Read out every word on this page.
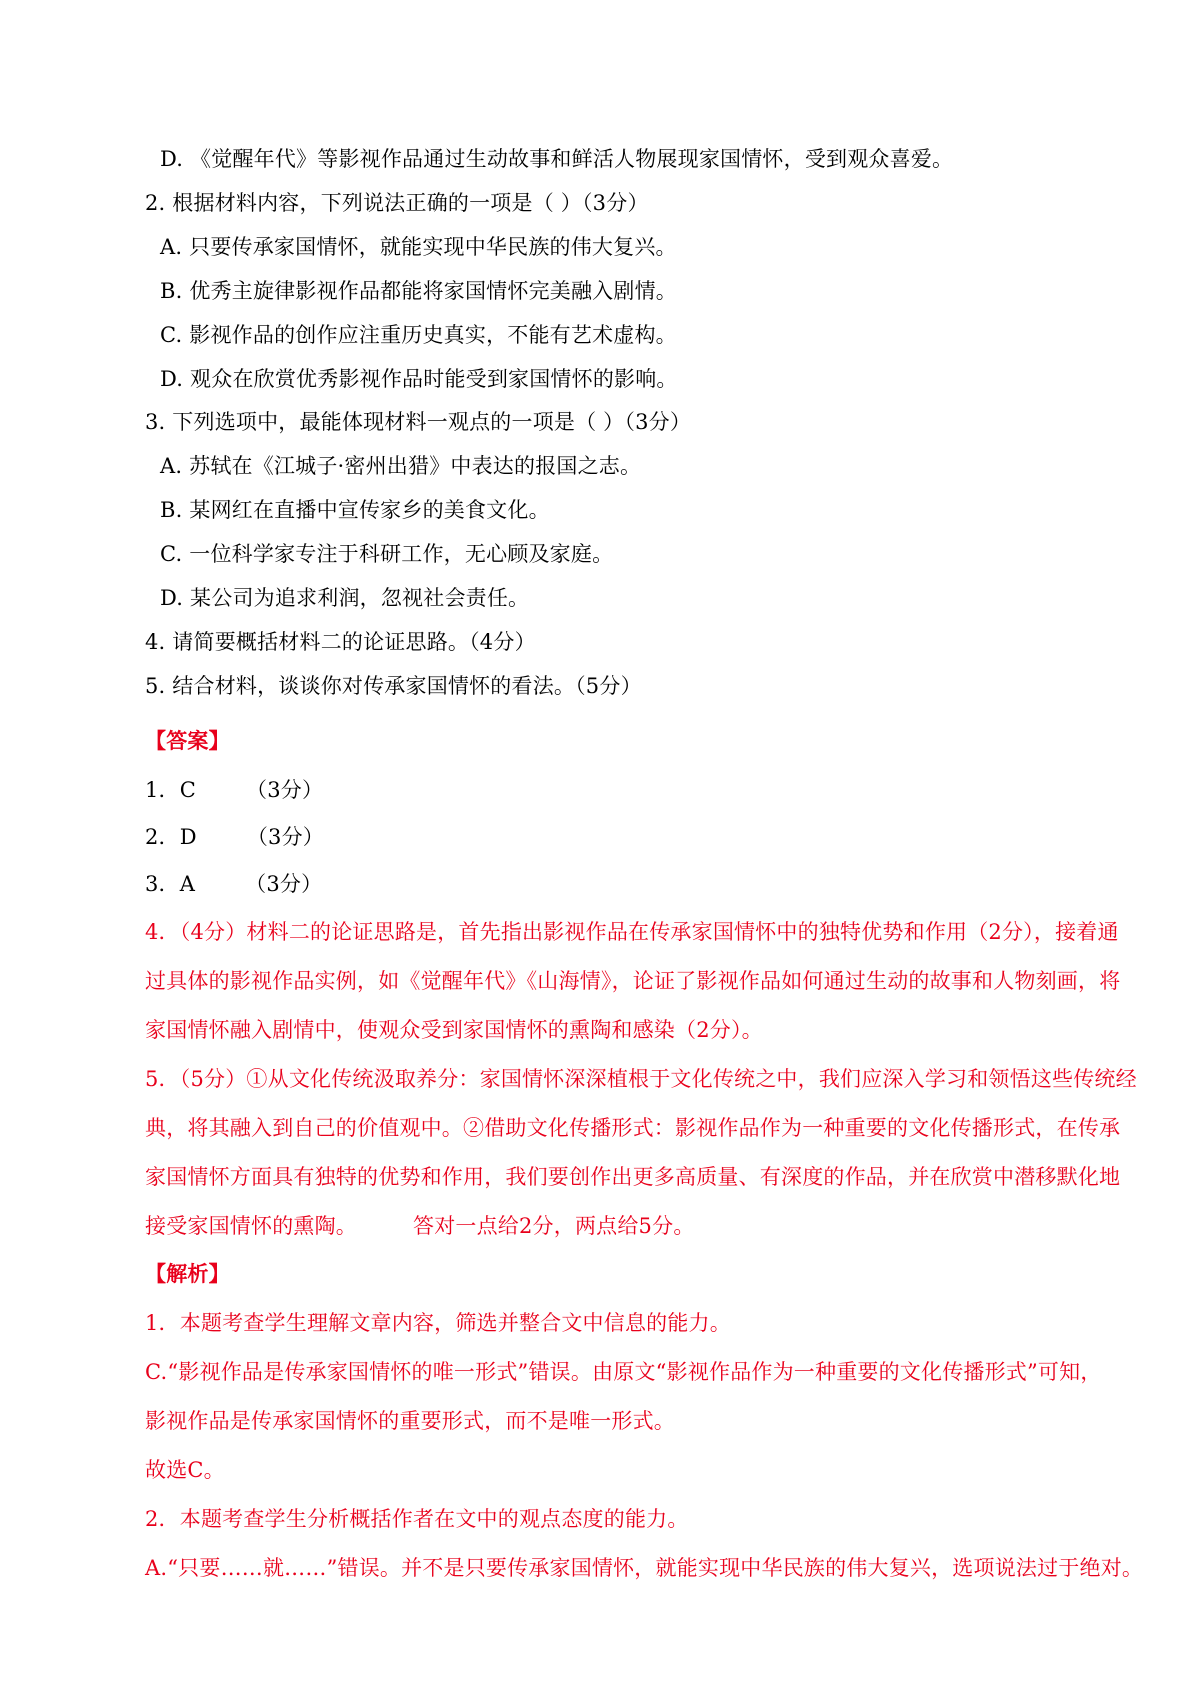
D. 《觉醒年代》等影视作品通过生动故事和鲜活人物展现家国情怀，受到观众喜爱。
2. 根据材料内容，下列说法正确的一项是（ ）（3分）
A. 只要传承家国情怀，就能实现中华民族的伟大复兴。
B. 优秀主旋律影视作品都能将家国情怀完美融入剧情。
C. 影视作品的创作应注重历史真实，不能有艺术虚构。
D. 观众在欣赏优秀影视作品时能受到家国情怀的影响。
3. 下列选项中，最能体现材料一观点的一项是（ ）（3分）
A. 苏轼在《江城子·密州出猎》中表达的报国之志。
B. 某网红在直播中宣传家乡的美食文化。
C. 一位科学家专注于科研工作，无心顾及家庭。
D. 某公司为追求利润，忽视社会责任。
4. 请简要概括材料二的论证思路。（4分）
5. 结合材料，谈谈你对传承家国情怀的看法。（5分）
【答案】
1．C （3分）
2．D （3分）
3．A （3分）
4．（4分）材料二的论证思路是，首先指出影视作品在传承家国情怀中的独特优势和作用（2分），接着通
过具体的影视作品实例，如《觉醒年代》《山海情》，论证了影视作品如何通过生动的故事和人物刻画，将
家国情怀融入剧情中，使观众受到家国情怀的熏陶和感染（2分）。
5．（5分）①从文化传统汲取养分：家国情怀深深植根于文化传统之中，我们应深入学习和领悟这些传统经
典，将其融入到自己的价值观中。②借助文化传播形式：影视作品作为一种重要的文化传播形式，在传承
家国情怀方面具有独特的优势和作用，我们要创作出更多高质量、有深度的作品，并在欣赏中潜移默化地
接受家国情怀的熏陶。	答对一点给2分，两点给5分。
【解析】
1．本题考查学生理解文章内容，筛选并整合文中信息的能力。
C.“影视作品是传承家国情怀的唯一形式”错误。由原文“影视作品作为一种重要的文化传播形式”可知，
影视作品是传承家国情怀的重要形式，而不是唯一形式。
故选C。
2．本题考查学生分析概括作者在文中的观点态度的能力。
A.“只要……就……”错误。并不是只要传承家国情怀，就能实现中华民族的伟大复兴，选项说法过于绝对。
